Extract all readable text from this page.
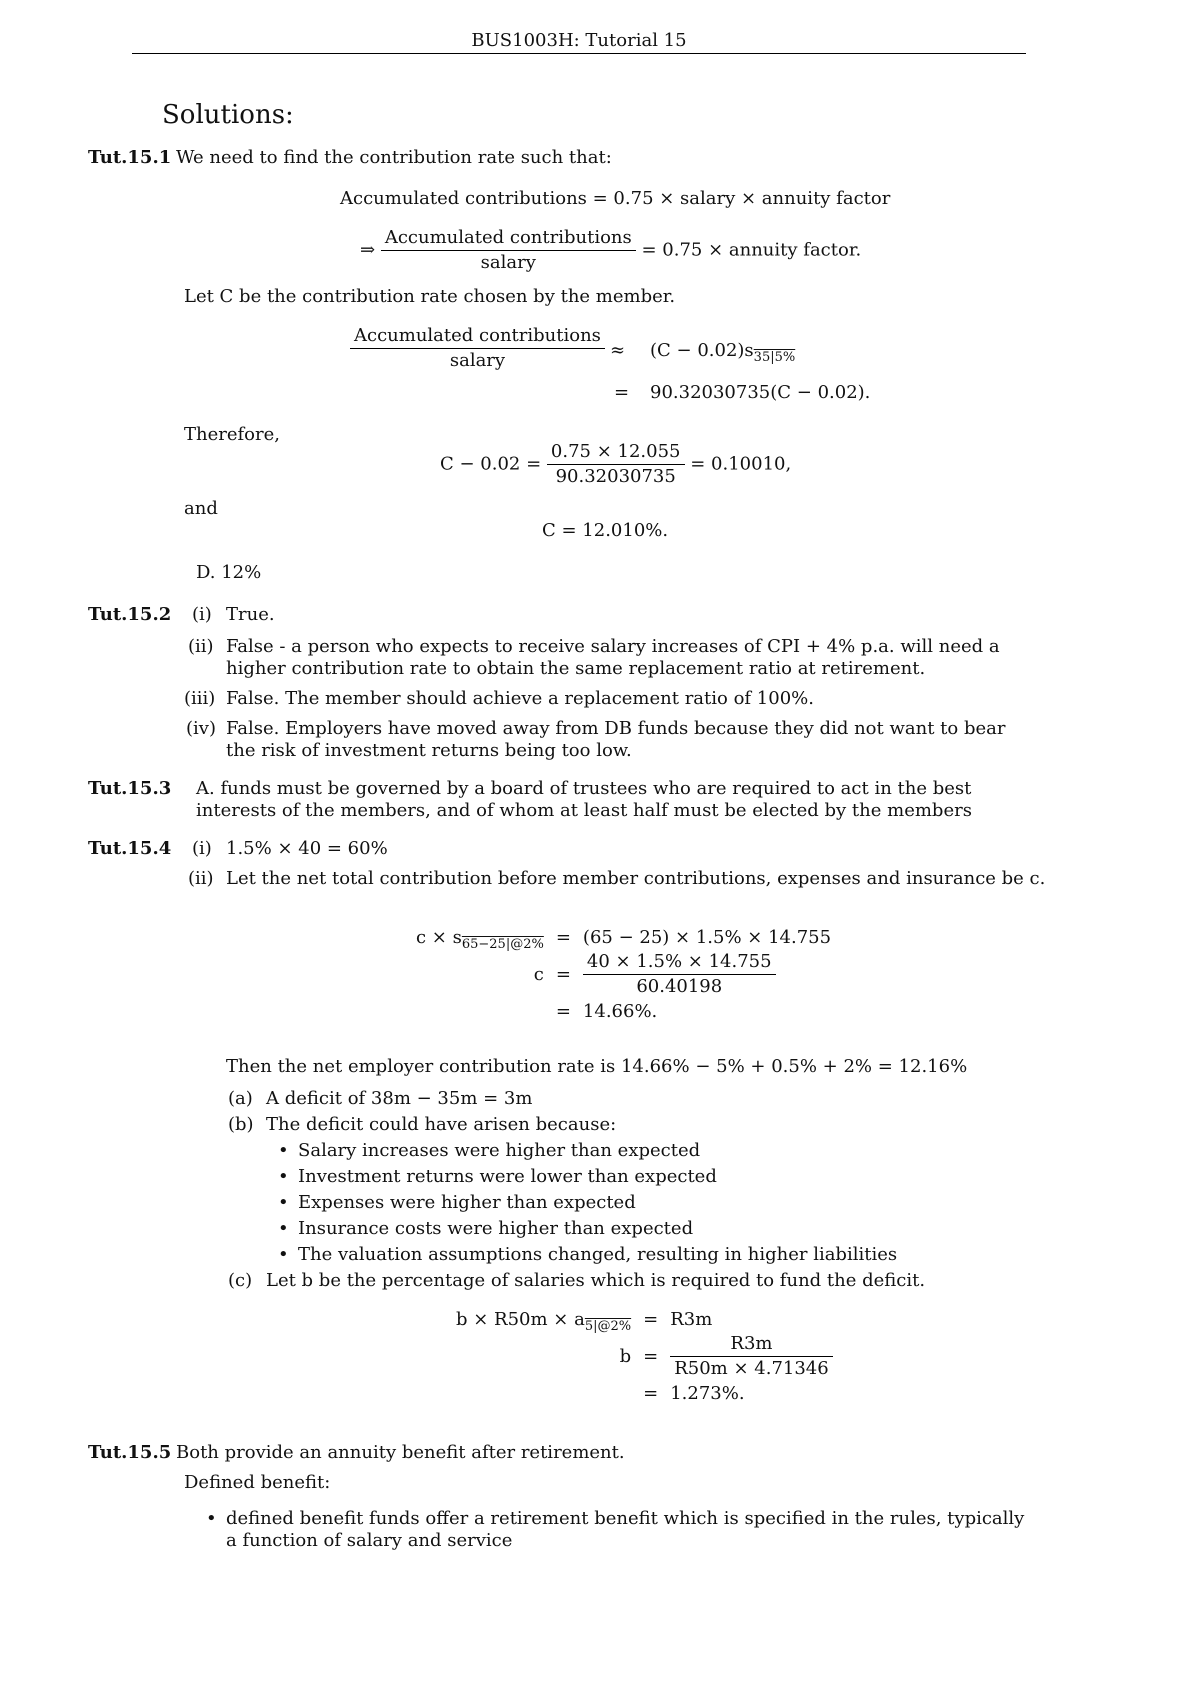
BUS1003H: Tutorial 15
Solutions:
Tut.15.1 We need to find the contribution rate such that:
Accumulated contributions = 0.75 × salary × annuity factor
⇒ $\frac{\text{Accumulated contributions}}{\text{salary}} = 0.75$ × annuity factor.
Let C be the contribution rate chosen by the member.
$\frac{\text{Accumulated contributions}}{\text{salary}} \approx (C - 0.02)s_{35|5\%}$
= 90.32030735(C − 0.02).
Therefore,
$C - 0.02 = \frac{0.75 \times 12.055}{90.32030735} = 0.10010$,
and
C = 12.010%.
D. 12%
Tut.15.2 (i) True.
(ii) False - a person who expects to receive salary increases of CPI + 4% p.a. will need a higher contribution rate to obtain the same replacement ratio at retirement.
(iii) False. The member should achieve a replacement ratio of 100%.
(iv) False. Employers have moved away from DB funds because they did not want to bear the risk of investment returns being too low.
Tut.15.3 A. funds must be governed by a board of trustees who are required to act in the best interests of the members, and of whom at least half must be elected by the members
Tut.15.4 (i) 1.5% × 40 = 60%
(ii) Let the net total contribution before member contributions, expenses and insurance be c.
$c \times s_{65-25|@2\%}$	=	(65 − 25) × 1.5% × 14.755
c	=	$\frac{40 \times 1.5\% \times 14.755}{60.40198}$

	=	14.66%.
Then the net employer contribution rate is 14.66% − 5% + 0.5% + 2% = 12.16%
(a) A deficit of 38m − 35m = 3m
(b) The deficit could have arisen because:
• Salary increases were higher than expected
• Investment returns were lower than expected
• Expenses were higher than expected
• Insurance costs were higher than expected
• The valuation assumptions changed, resulting in higher liabilities
(c) Let b be the percentage of salaries which is required to fund the deficit.
$b \times R50m \times a_{5|@2\%}$	=	R3m
b	=	$\frac{R3m}{R50m \times 4.71346}$

	=	1.273%.
Tut.15.5 Both provide an annuity benefit after retirement.
Defined benefit:
• defined benefit funds offer a retirement benefit which is specified in the rules, typically a function of salary and service
